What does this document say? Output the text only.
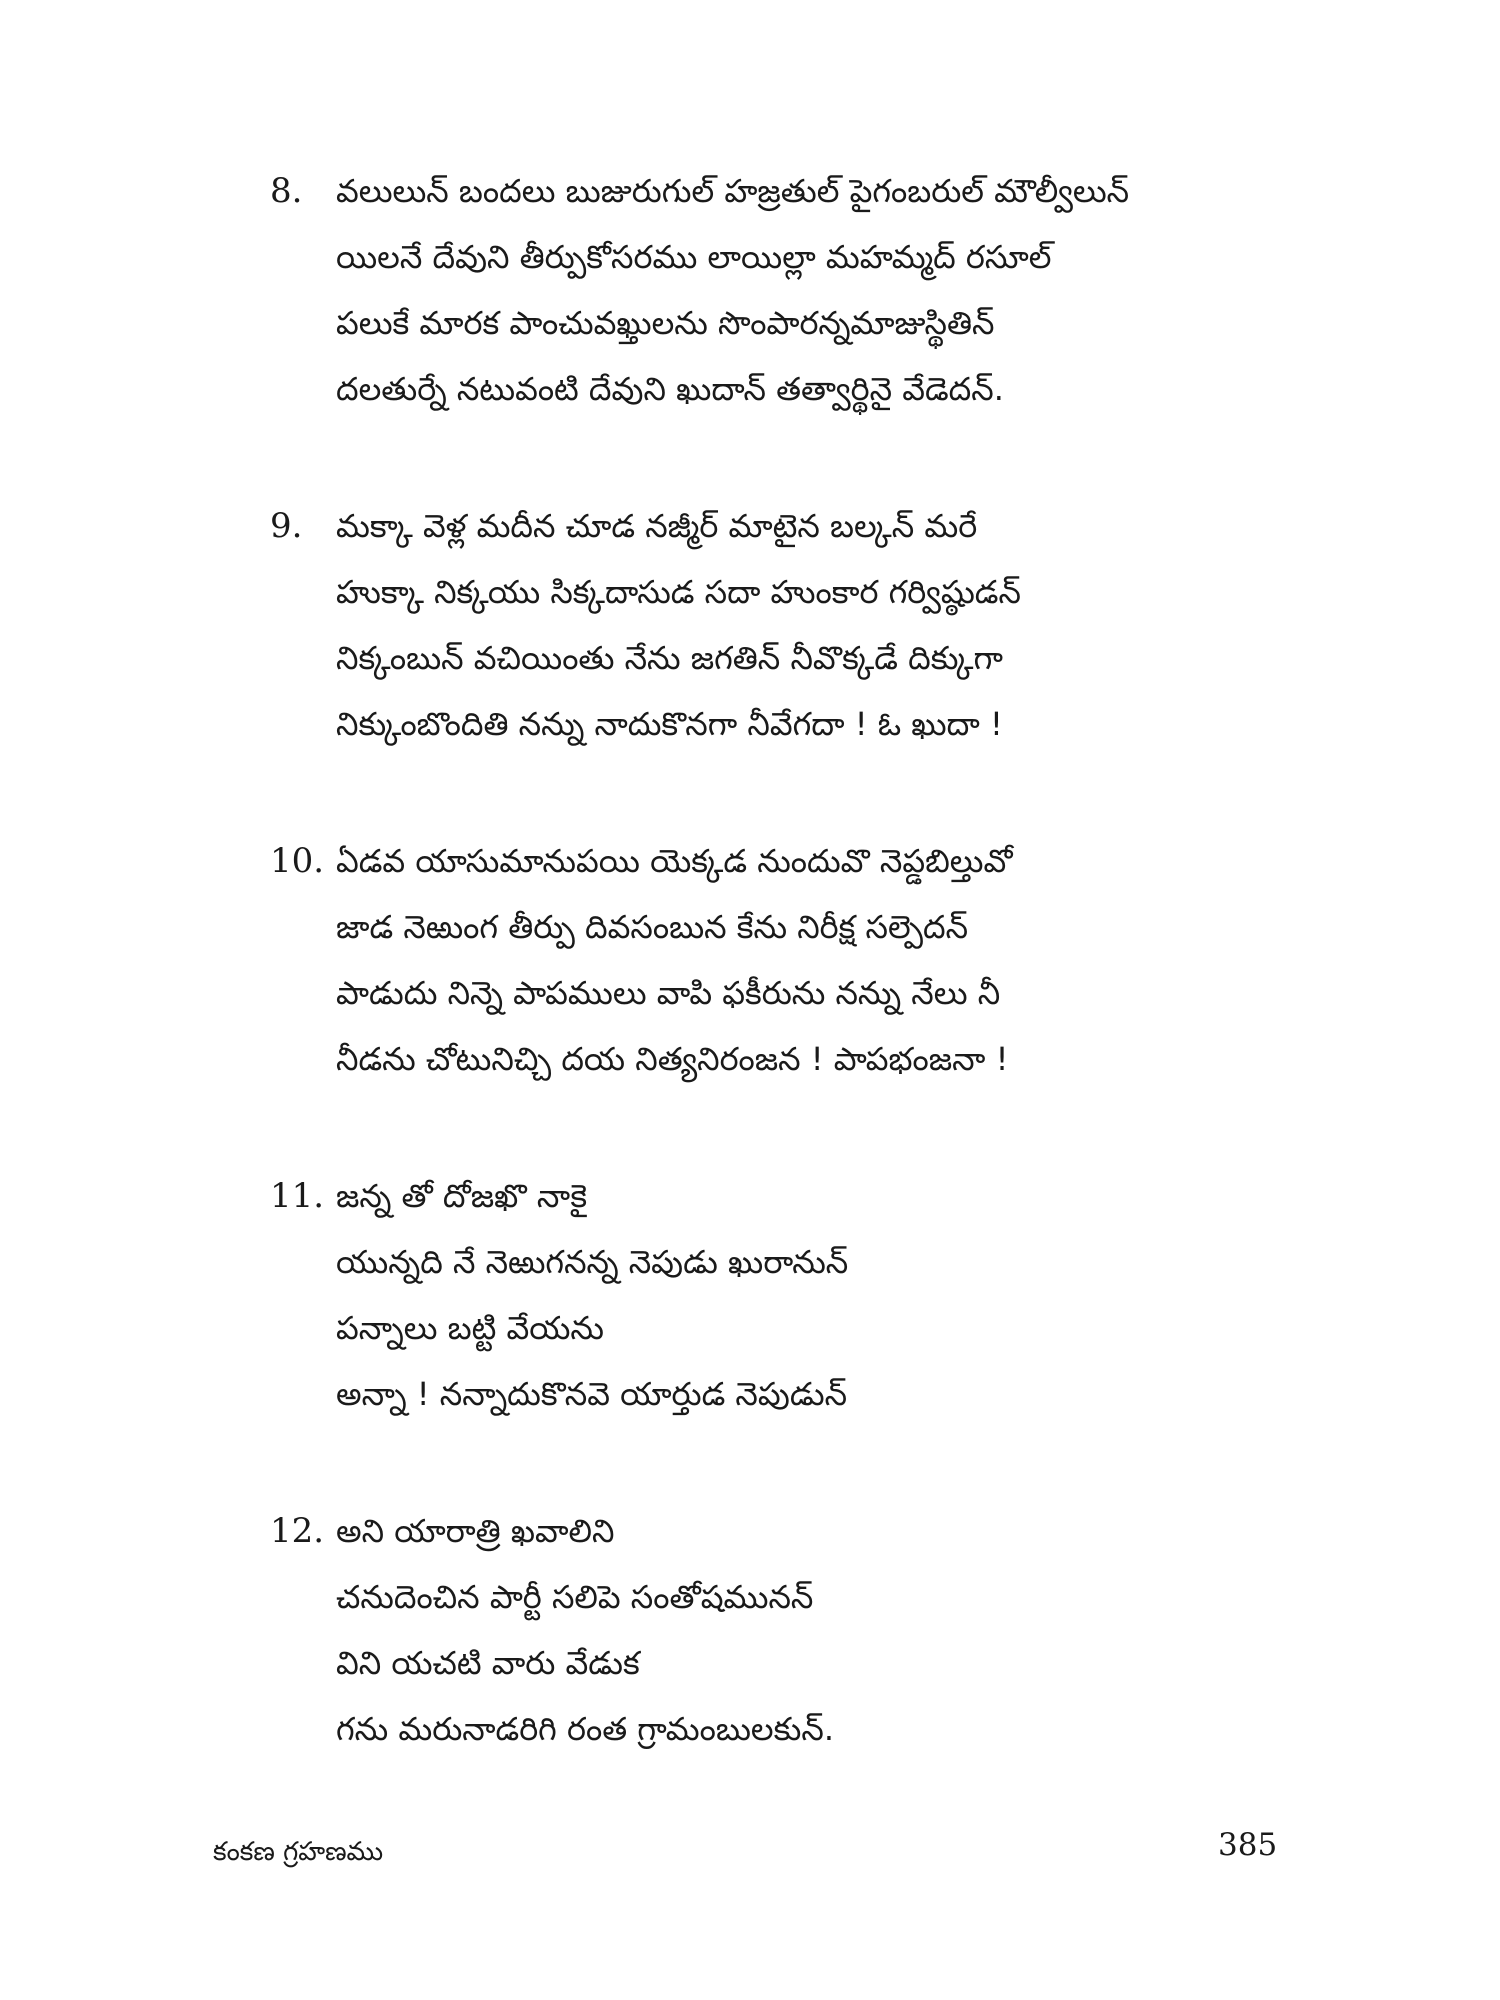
8. వలులున్ బందలు బుజురుగుల్ హజ్రతుల్ పైగంబరుల్ మౌల్వీలున్
యిలనే దేవుని తీర్పుకోసరము లాయిల్లా మహమ్మద్ రసూల్
పలుకే మారక పాంచువఖ్తులను సొంపారన్నమాజుస్థితిన్
దలతుర్నే నటువంటి దేవుని ఖుదాన్ తత్వార్థినై వేడెదన్.
9. మక్కా వెళ్ల మదీన చూడ నజ్మీర్ మాటైన బల్కన్ మరే
హుక్కా నిక్కయు సిక్కదాసుడ సదా హుంకార గర్విష్ఠుడన్
నిక్కంబున్ వచియింతు నేను జగతిన్ నీవొక్కడే దిక్కుగా
నిక్కుంబొందితి నన్ను నాదుకొనగా నీవేగదా ! ఓ ఖుదా !
10. ఏడవ యాసుమానుపయి యెక్కడ నుందువొ నెప్డబిల్తువో
జాడ నెఱుంగ తీర్పు దివసంబున కేను నిరీక్ష సల్పెదన్
పాడుదు నిన్నె పాపములు వాపి ఫకీరును నన్ను నేలు నీ
నీడను చోటునిచ్చి దయ నిత్యనిరంజన ! పాపభంజనా !
11. జన్న తో దోజఖొ నాకై
యున్నది నే నెఱుగనన్న నెపుడు ఖురానున్
పన్నాలు బట్టి వేయను
అన్నా ! నన్నాదుకొనవె యార్తుడ నెపుడున్
12. అని యారాత్రి ఖవాలిని
చనుదెంచిన పార్టీ సలిపె సంతోషమునన్
విని యచటి వారు వేడుక
గను మరునాడరిగి రంత గ్రామంబులకున్.
కంకణ గ్రహణము	385
